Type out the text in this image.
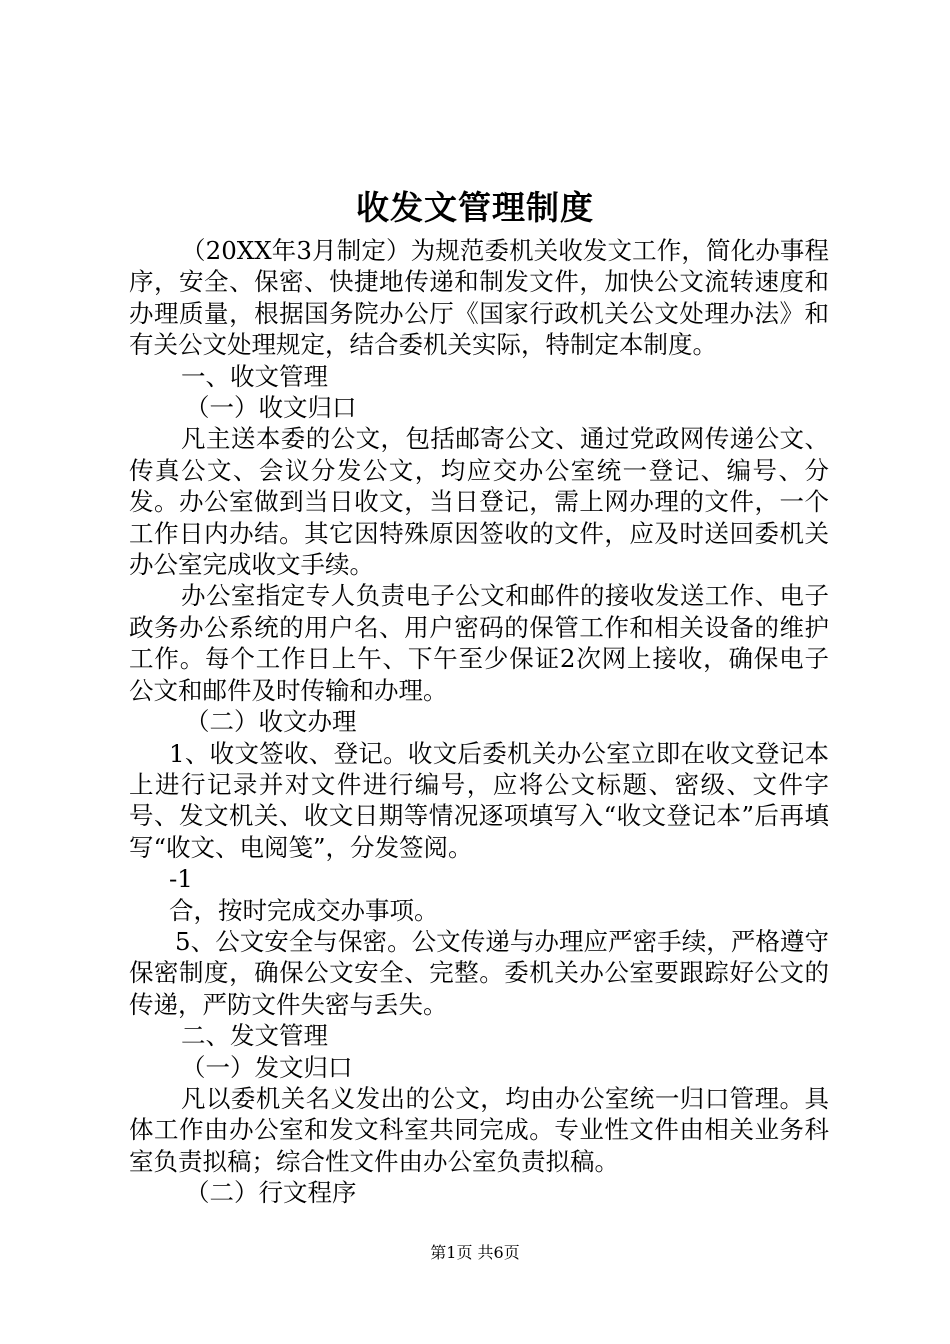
收发文管理制度

（20XX年3月制定）为规范委机关收发文工作，简化办事程序，安全、保密、快捷地传递和制发文件，加快公文流转速度和办理质量，根据国务院办公厅《国家行政机关公文处理办法》和有关公文处理规定，结合委机关实际，特制定本制度。

一、收文管理

（一）收文归口

凡主送本委的公文，包括邮寄公文、通过党政网传递公文、传真公文、会议分发公文，均应交办公室统一登记、编号、分发。办公室做到当日收文，当日登记，需上网办理的文件，一个工作日内办结。其它因特殊原因签收的文件，应及时送回委机关办公室完成收文手续。

办公室指定专人负责电子公文和邮件的接收发送工作、电子政务办公系统的用户名、用户密码的保管工作和相关设备的维护工作。每个工作日上午、下午至少保证2次网上接收，确保电子公文和邮件及时传输和办理。

（二）收文办理

1、收文签收、登记。收文后委机关办公室立即在收文登记本上进行记录并对文件进行编号，应将公文标题、密级、文件字号、发文机关、收文日期等情况逐项填写入“收文登记本”后再填写“收文、电阅笺”，分发签阅。

-1

合，按时完成交办事项。

5、公文安全与保密。公文传递与办理应严密手续，严格遵守保密制度，确保公文安全、完整。委机关办公室要跟踪好公文的传递，严防文件失密与丢失。

二、发文管理

（一）发文归口

凡以委机关名义发出的公文，均由办公室统一归口管理。具体工作由办公室和发文科室共同完成。专业性文件由相关业务科室负责拟稿；综合性文件由办公室负责拟稿。

（二）行文程序

第1页 共6页
